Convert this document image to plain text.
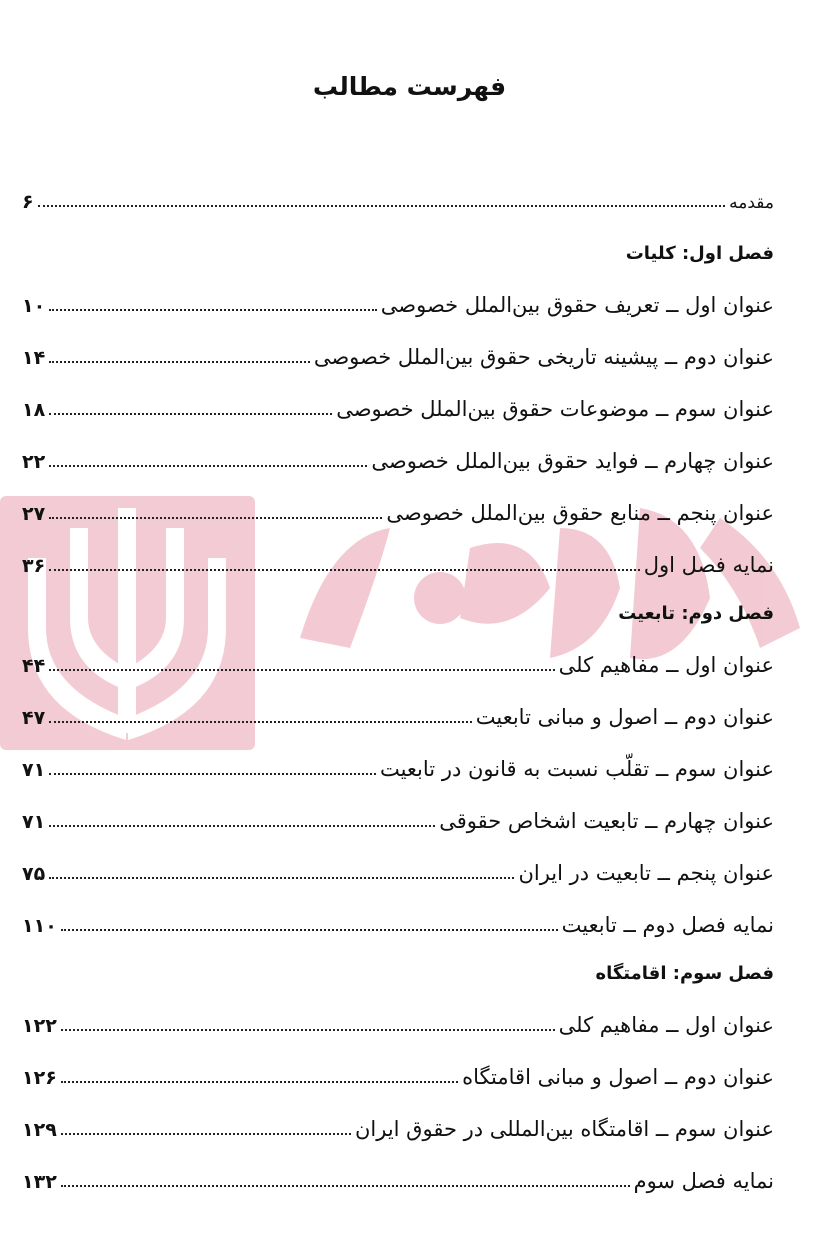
فهرست مطالب
مقدمه
۶
فصل اول: کلیات
عنوان اول ــ تعریف حقوق بین‌الملل خصوصی
۱۰
عنوان دوم ــ پیشینه تاریخی حقوق بین‌الملل خصوصی
۱۴
عنوان سوم ــ موضوعات حقوق بین‌الملل خصوصی
۱۸
عنوان چهارم ــ فواید حقوق بین‌الملل خصوصی
۲۲
عنوان پنجم ــ منابع حقوق بین‌الملل خصوصی
۲۷
نمایه فصل اول
۳۶
فصل دوم: تابعیت
عنوان اول ــ مفاهیم کلی
۴۴
عنوان دوم ــ اصول و مبانی تابعیت
۴۷
عنوان سوم ــ تقلّب نسبت به قانون در تابعیت
۷۱
عنوان چهارم ــ تابعیت اشخاص حقوقی
۷۱
عنوان پنجم ــ تابعیت در ایران
۷۵
نمایه فصل دوم ــ تابعیت
۱۱۰
فصل سوم: اقامتگاه
عنوان اول ــ مفاهیم کلی
۱۲۲
عنوان دوم ــ اصول و مبانی اقامتگاه
۱۲۶
عنوان سوم ــ اقامتگاه بین‌المللی در حقوق ایران
۱۲۹
نمایه فصل سوم
۱۳۲
